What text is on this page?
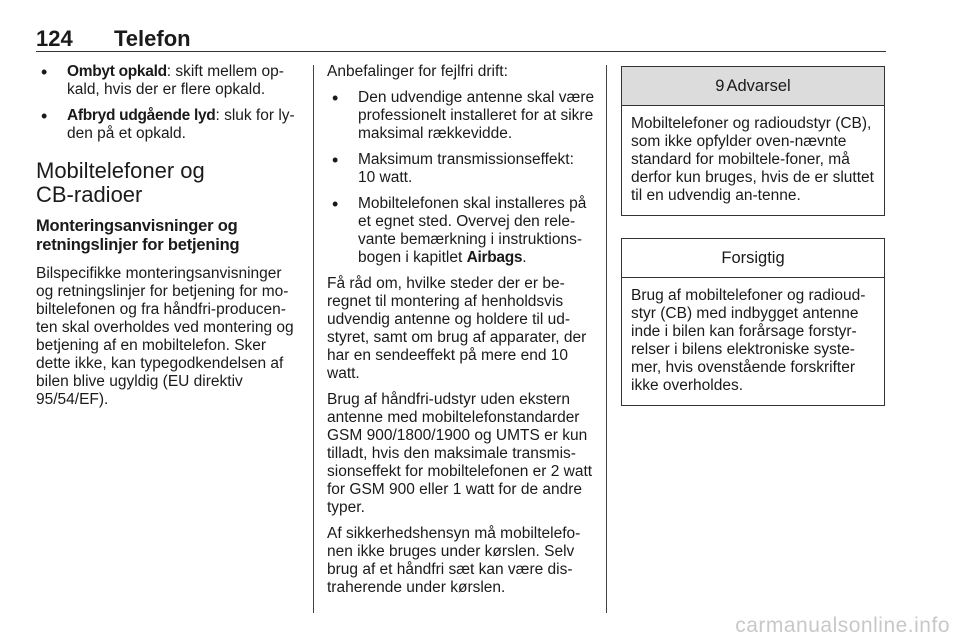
124 Telefon
• Ombyt opkald: skift mellem op-kald, hvis der er flere opkald.
• Afbryd udgående lyd: sluk for ly-den på et opkald.
Mobiltelefoner og
CB-radioer
Monteringsanvisninger og
retningslinjer for betjening

Bilspecifikke monteringsanvisninger og retningslinjer for betjening for mo-biltelefonen og fra håndfri-producen-ten skal overholdes ved montering og betjening af en mobiltelefon. Sker dette ikke, kan typegodkendelsen af bilen blive ugyldig (EU direktiv 95/54/EF).

Anbefalinger for fejlfri drift:

• Den udvendige antenne skal være professionelt installeret for at sikre maksimal rækkevidde.
• Maksimum transmissionseffekt: 10 watt.
• Mobiltelefonen skal installeres på et egnet sted. Overvej den rele-vante bemærkning i instruktions-bogen i kapitlet Airbags.

Få råd om, hvilke steder der er be-regnet til montering af henholdsvis udvendig antenne og holdere til ud-styret, samt om brug af apparater, der har en sendeeffekt på mere end 10 watt.

Brug af håndfri-udstyr uden ekstern antenne med mobiltelefonstandarder GSM 900/1800/1900 og UMTS er kun tilladt, hvis den maksimale transmis-sionseffekt for mobiltelefonen er 2 watt for GSM 900 eller 1 watt for de andre typer.

Af sikkerhedshensyn må mobiltelefo-nen ikke bruges under kørslen. Selv brug af et håndfri sæt kan være dis-traherende under kørslen.

9 Advarsel
Mobiltelefoner og radioudstyr (CB), som ikke opfylder oven-nævnte standard for mobiltele-foner, må derfor kun bruges, hvis de er sluttet til en udvendig an-tenne.
Forsigtig
Brug af mobiltelefoner og radioud-styr (CB) med indbygget antenne inde i bilen kan forårsage forstyr-relser i bilens elektroniske syste-mer, hvis ovenstående forskrifter ikke overholdes.
carmanualsonline.info
